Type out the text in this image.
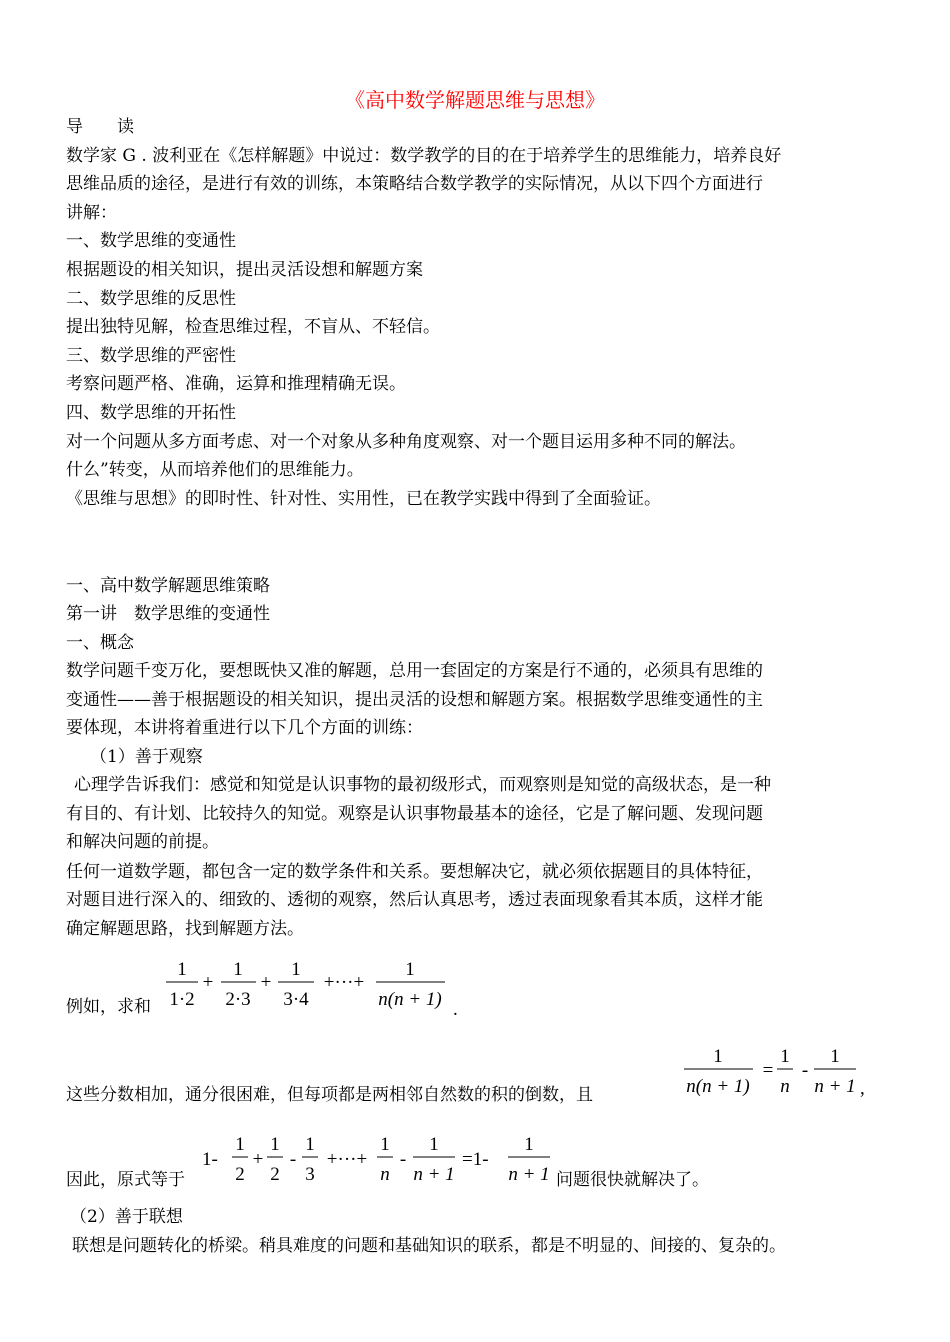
《高中数学解题思维与思想》
导　　读
数学家 G . 波利亚在《怎样解题》中说过：数学教学的目的在于培养学生的思维能力，培养良好
思维品质的途径，是进行有效的训练，本策略结合数学教学的实际情况，从以下四个方面进行
讲解：
一、数学思维的变通性
根据题设的相关知识，提出灵活设想和解题方案
二、数学思维的反思性
提出独特见解，检查思维过程，不盲从、不轻信。
三、数学思维的严密性
考察问题严格、准确，运算和推理精确无误。
四、数学思维的开拓性
对一个问题从多方面考虑、对一个对象从多种角度观察、对一个题目运用多种不同的解法。
什么”转变，从而培养他们的思维能力。
《思维与思想》的即时性、针对性、实用性，已在教学实践中得到了全面验证。
一、高中数学解题思维策略
第一讲　数学思维的变通性
一、概念
数学问题千变万化，要想既快又准的解题，总用一套固定的方案是行不通的，必须具有思维的
变通性——善于根据题设的相关知识，提出灵活的设想和解题方案。根据数学思维变通性的主
要体现，本讲将着重进行以下几个方面的训练：
（1）善于观察
心理学告诉我们：感觉和知觉是认识事物的最初级形式，而观察则是知觉的高级状态，是一种
有目的、有计划、比较持久的知觉。观察是认识事物最基本的途径，它是了解问题、发现问题
和解决问题的前提。
任何一道数学题，都包含一定的数学条件和关系。要想解决它，就必须依据题目的具体特征，
对题目进行深入的、细致的、透彻的观察，然后认真思考，透过表面现象看其本质，这样才能
确定解题思路，找到解题方法。
例如，求和
1
1·2
+
1
2·3
+
1
3·4
+···+
1
n(n + 1) .
这些分数相加，通分很困难，但每项都是两相邻自然数的积的倒数，且
1
n(n + 1)
=
1
n
-
1
n + 1 ,
因此，原式等于
1-
1
2
+
1
2
-
1
3
+···+
1
n
-
1
n + 1
=1-
1
n + 1 问题很快就解决了。
（2）善于联想
联想是问题转化的桥梁。稍具难度的问题和基础知识的联系，都是不明显的、间接的、复杂的。
